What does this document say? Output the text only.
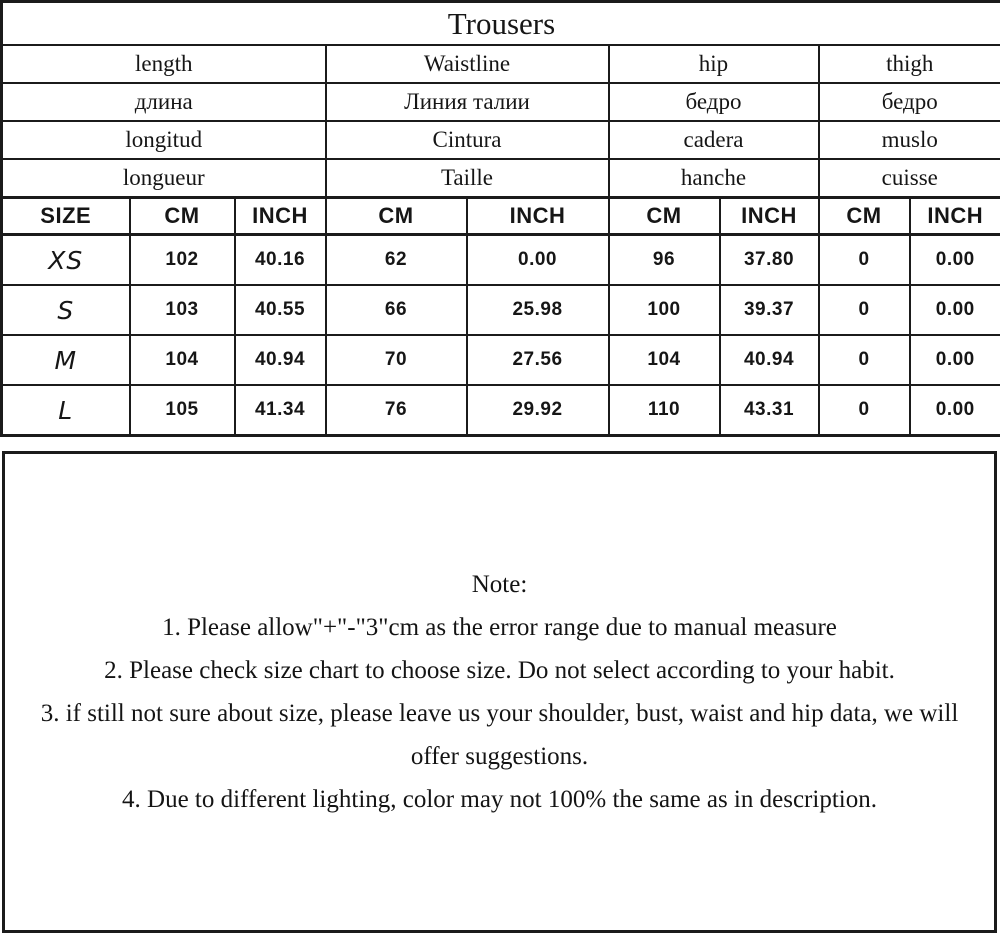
Trousers								
length			Waistline		hip		thigh	
длина			Линия талии		бедро		бедро	
longitud			Cintura		cadera		muslo	
longueur			Taille		hanche		cuisse	
SIZE	CM	INCH	CM	INCH	CM	INCH	CM	INCH
XS	102	40.16	62	0.00	96	37.80	0	0.00
S	103	40.55	66	25.98	100	39.37	0	0.00
M	104	40.94	70	27.56	104	40.94	0	0.00
L	105	41.34	76	29.92	110	43.31	0	0.00

Note:

1. Please allow"+"-"3"cm as the error range due to manual measure

2. Please check size chart to choose size. Do not select according to your habit.

3. if still not sure about size, please leave us your shoulder, bust, waist and hip data, we will offer suggestions.

4. Due to different lighting, color may not 100% the same as in description.
